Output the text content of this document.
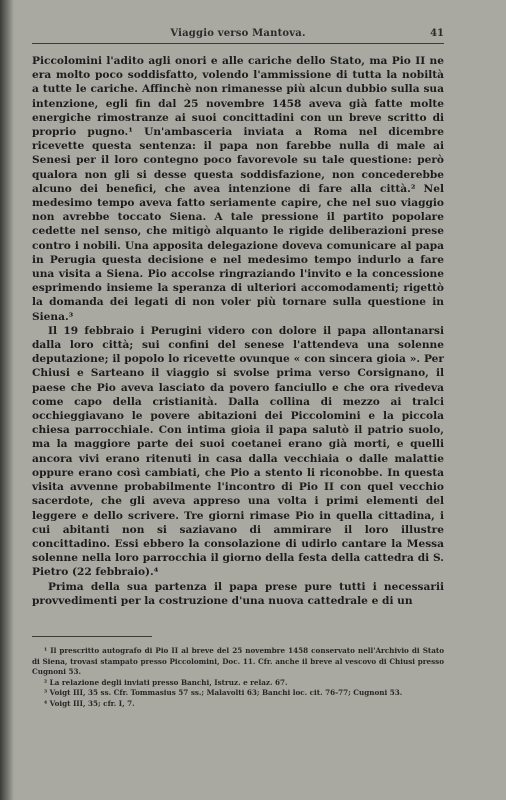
Viaggio verso Mantova.	41

Piccolomini l'adito agli onori e alle cariche dello Stato, ma Pio II ne era molto poco soddisfatto, volendo l'ammissione di tutta la nobiltà a tutte le cariche. Affinchè non rimanesse più alcun dubbio sulla sua intenzione, egli fin dal 25 novembre 1458 aveva già fatte molte energiche rimostranze ai suoi concittadini con un breve scritto di proprio pugno.¹ Un'ambasceria inviata a Roma nel dicembre ricevette questa sentenza: il papa non farebbe nulla di male ai Senesi per il loro contegno poco favorevole su tale questione: però qualora non gli si desse questa soddisfazione, non concederebbe alcuno dei benefici, che avea intenzione di fare alla città.² Nel medesimo tempo aveva fatto seriamente capire, che nel suo viaggio non avrebbe toccato Siena. A tale pressione il partito popolare cedette nel senso, che mitigò alquanto le rigide deliberazioni prese contro i nobili. Una apposita delegazione doveva comunicare al papa in Perugia questa decisione e nel medesimo tempo indurlo a fare una visita a Siena. Pio accolse ringraziando l'invito e la concessione esprimendo insieme la speranza di ulteriori accomodamenti; rigettò la domanda dei legati di non voler più tornare sulla questione in Siena.³

Il 19 febbraio i Perugini videro con dolore il papa allontanarsi dalla loro città; sui confini del senese l'attendeva una solenne deputazione; il popolo lo ricevette ovunque « con sincera gioia ». Per Chiusi e Sarteano il viaggio si svolse prima verso Corsignano, il paese che Pio aveva lasciato da povero fanciullo e che ora rivedeva come capo della cristianità. Dalla collina di mezzo ai tralci occhieggiavano le povere abitazioni dei Piccolomini e la piccola chiesa parrocchiale. Con intima gioia il papa salutò il patrio suolo, ma la maggiore parte dei suoi coetanei erano già morti, e quelli ancora vivi erano ritenuti in casa dalla vecchiaia o dalle malattie oppure erano così cambiati, che Pio a stento li riconobbe. In questa visita avvenne probabilmente l'incontro di Pio II con quel vecchio sacerdote, che gli aveva appreso una volta i primi elementi del leggere e dello scrivere. Tre giorni rimase Pio in quella cittadina, i cui abitanti non si saziavano di ammirare il loro illustre concittadino. Essi ebbero la consolazione di udirlo cantare la Messa solenne nella loro parrocchia il giorno della festa della cattedra di S. Pietro (22 febbraio).⁴

Prima della sua partenza il papa prese pure tutti i necessarii provvedimenti per la costruzione d'una nuova cattedrale e di un

¹ Il prescritto autografo di Pio II al breve del 25 novembre 1458 conservato nell'Archivio di Stato di Siena, trovasi stampato presso Piccolomini, Doc. 11. Cfr. anche il breve al vescovo di Chiusi presso Cugnoni 53.

² La relazione degli inviati presso Banchi, Istruz. e relaz. 67.

³ Voigt III, 35 ss. Cfr. Tommasius 57 ss.; Malavolti 63; Banchi loc. cit. 76-77; Cugnoni 53.

⁴ Voigt III, 35; cfr. I, 7.
